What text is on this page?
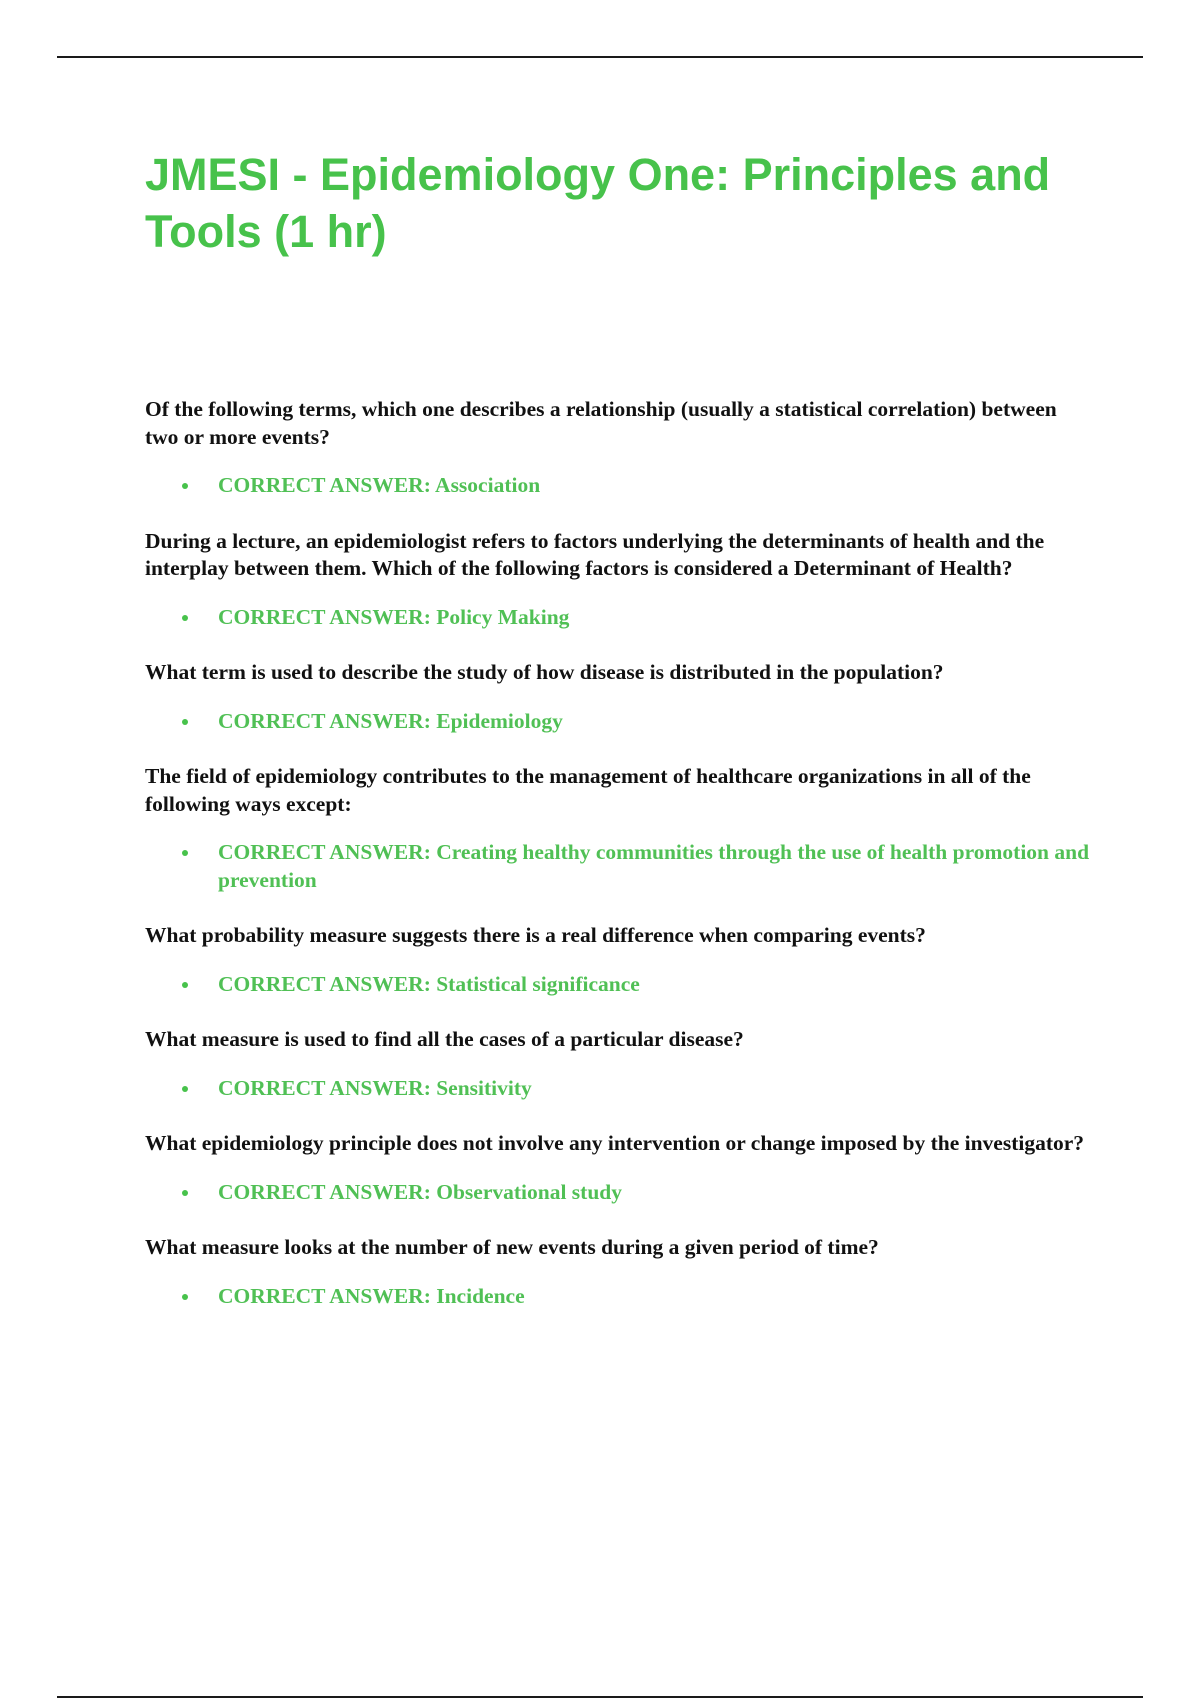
JMESI - Epidemiology One: Principles and Tools (1 hr)

Of the following terms, which one describes a relationship (usually a statistical correlation) between two or more events?

CORRECT ANSWER: Association

During a lecture, an epidemiologist refers to factors underlying the determinants of health and the interplay between them. Which of the following factors is considered a Determinant of Health?

CORRECT ANSWER: Policy Making

What term is used to describe the study of how disease is distributed in the population?

CORRECT ANSWER: Epidemiology

The field of epidemiology contributes to the management of healthcare organizations in all of the following ways except:

CORRECT ANSWER: Creating healthy communities through the use of health promotion and prevention

What probability measure suggests there is a real difference when comparing events?

CORRECT ANSWER: Statistical significance

What measure is used to find all the cases of a particular disease?

CORRECT ANSWER: Sensitivity

What epidemiology principle does not involve any intervention or change imposed by the investigator?

CORRECT ANSWER: Observational study

What measure looks at the number of new events during a given period of time?

CORRECT ANSWER: Incidence
